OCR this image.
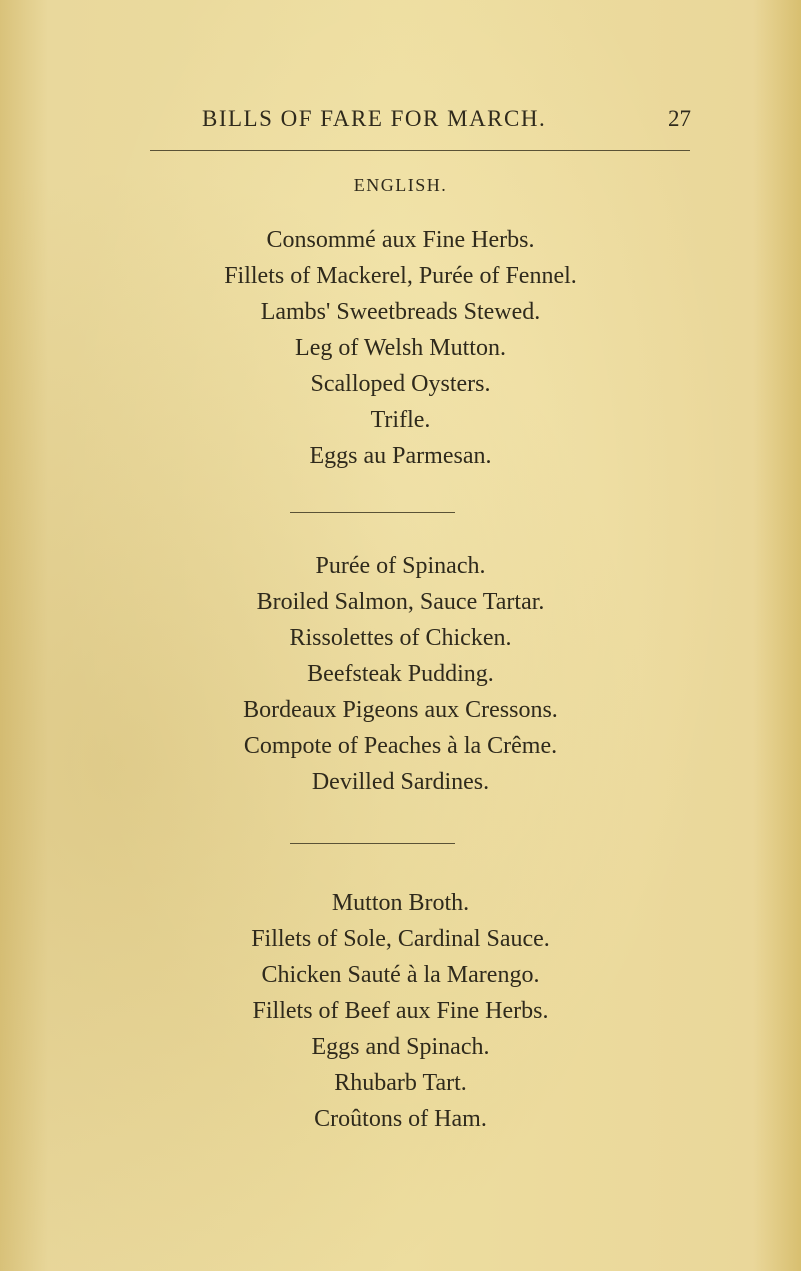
BILLS OF FARE FOR MARCH.	27
ENGLISH.
Consommé aux Fine Herbs.
Fillets of Mackerel, Purée of Fennel.
Lambs' Sweetbreads Stewed.
Leg of Welsh Mutton.
Scalloped Oysters.
Trifle.
Eggs au Parmesan.
Purée of Spinach.
Broiled Salmon, Sauce Tartar.
Rissolettes of Chicken.
Beefsteak Pudding.
Bordeaux Pigeons aux Cressons.
Compote of Peaches à la Crême.
Devilled Sardines.
Mutton Broth.
Fillets of Sole, Cardinal Sauce.
Chicken Sauté à la Marengo.
Fillets of Beef aux Fine Herbs.
Eggs and Spinach.
Rhubarb Tart.
Croûtons of Ham.
